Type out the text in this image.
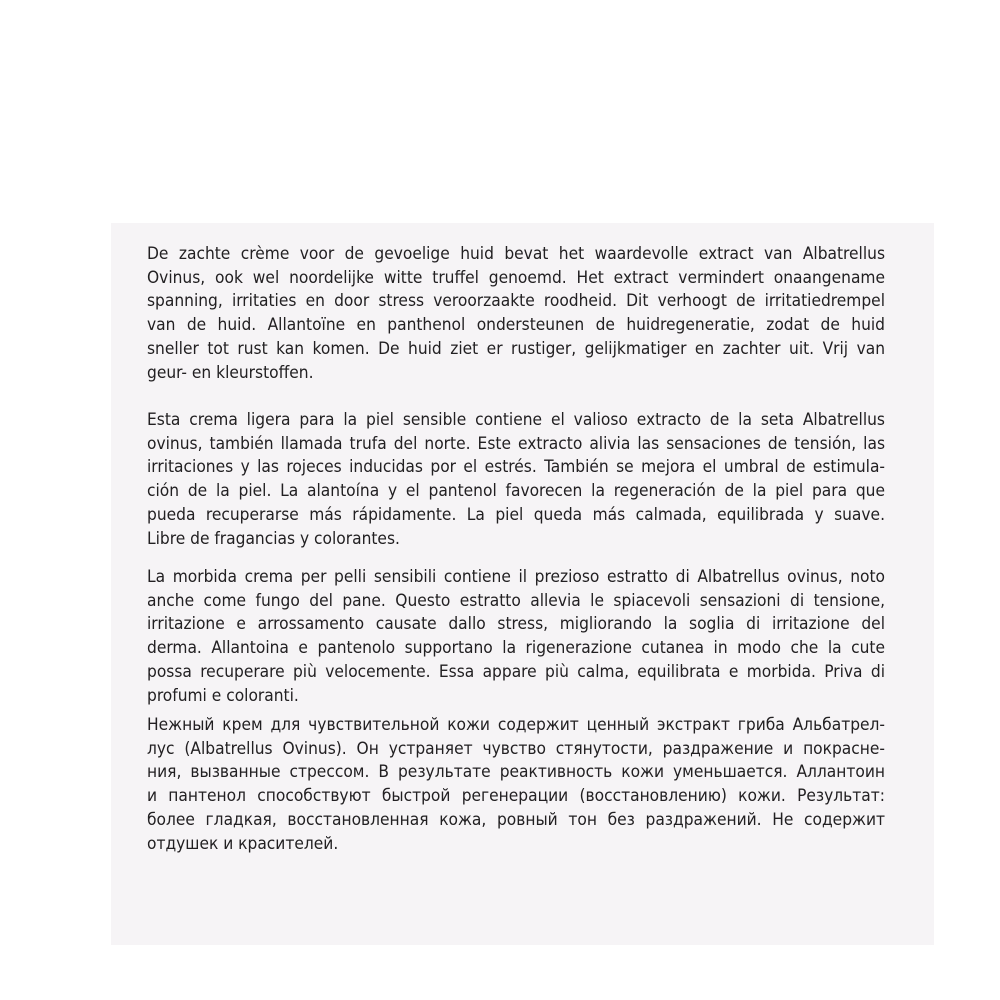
De zachte crème voor de gevoelige huid bevat het waardevolle extract van Albatrellus
Ovinus, ook wel noordelijke witte truffel genoemd. Het extract vermindert onaangename
spanning, irritaties en door stress veroorzaakte roodheid. Dit verhoogt de irritatiedrempel
van de huid. Allantoïne en panthenol ondersteunen de huidregeneratie, zodat de huid
sneller tot rust kan komen. De huid ziet er rustiger, gelijkmatiger en zachter uit. Vrij van
geur- en kleurstoffen.
Esta crema ligera para la piel sensible contiene el valioso extracto de la seta Albatrellus
ovinus, también llamada trufa del norte. Este extracto alivia las sensaciones de tensión, las
irritaciones y las rojeces inducidas por el estrés. También se mejora el umbral de estimula-
ción de la piel. La alantoína y el pantenol favorecen la regeneración de la piel para que
pueda recuperarse más rápidamente. La piel queda más calmada, equilibrada y suave.
Libre de fragancias y colorantes.
La morbida crema per pelli sensibili contiene il prezioso estratto di Albatrellus ovinus, noto
anche come fungo del pane. Questo estratto allevia le spiacevoli sensazioni di tensione,
irritazione e arrossamento causate dallo stress, migliorando la soglia di irritazione del
derma. Allantoina e pantenolo supportano la rigenerazione cutanea in modo che la cute
possa recuperare più velocemente. Essa appare più calma, equilibrata e morbida. Priva di
profumi e coloranti.
Нежный крем для чувствительной кожи содержит ценный экстракт гриба Альбатрел-
лус (Albatrellus Ovinus). Он устраняет чувство стянутости, раздражение и покрасне-
ния, вызванные стрессом. В результате реактивность кожи уменьшается. Аллантоин
и пантенол способствуют быстрой регенерации (восстановлению) кожи. Результат:
более гладкая, восстановленная кожа, ровный тон без раздражений. Не содержит
отдушек и красителей.
